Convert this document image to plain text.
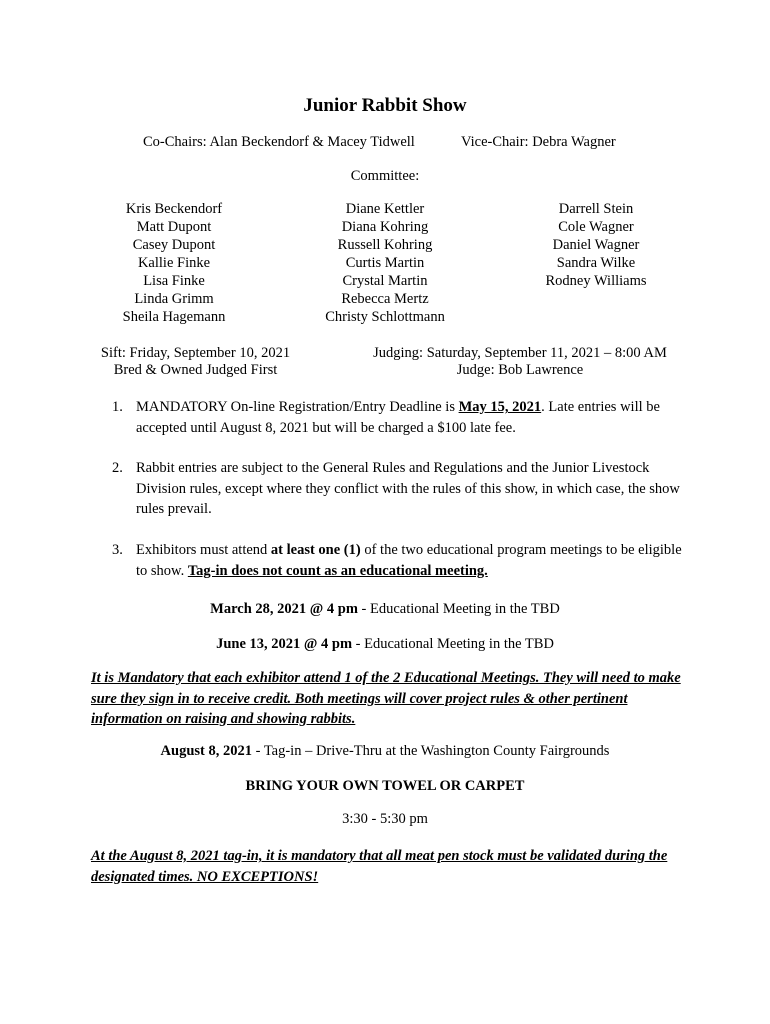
Junior Rabbit Show
Co-Chairs: Alan Beckendorf & Macey Tidwell	Vice-Chair: Debra Wagner
Committee:
Kris Beckendorf
Matt Dupont
Casey Dupont
Kallie Finke
Lisa Finke
Linda Grimm
Sheila Hagemann
Diane Kettler
Diana Kohring
Russell Kohring
Curtis Martin
Crystal Martin
Rebecca Mertz
Christy Schlottmann
Darrell Stein
Cole Wagner
Daniel Wagner
Sandra Wilke
Rodney Williams
Sift: Friday, September 10, 2021
Bred & Owned Judged First
Judging: Saturday, September 11, 2021 – 8:00 AM
Judge: Bob Lawrence
1. MANDATORY On-line Registration/Entry Deadline is May 15, 2021. Late entries will be accepted until August 8, 2021 but will be charged a $100 late fee.
2. Rabbit entries are subject to the General Rules and Regulations and the Junior Livestock Division rules, except where they conflict with the rules of this show, in which case, the show rules prevail.
3. Exhibitors must attend at least one (1) of the two educational program meetings to be eligible to show. Tag-in does not count as an educational meeting.
March 28, 2021 @ 4 pm - Educational Meeting in the TBD
June 13, 2021 @ 4 pm - Educational Meeting in the TBD
It is Mandatory that each exhibitor attend 1 of the 2 Educational Meetings. They will need to make sure they sign in to receive credit. Both meetings will cover project rules & other pertinent information on raising and showing rabbits.
August 8, 2021 - Tag-in – Drive-Thru at the Washington County Fairgrounds
BRING YOUR OWN TOWEL OR CARPET
3:30 - 5:30 pm
At the August 8, 2021 tag-in, it is mandatory that all meat pen stock must be validated during the designated times. NO EXCEPTIONS!
